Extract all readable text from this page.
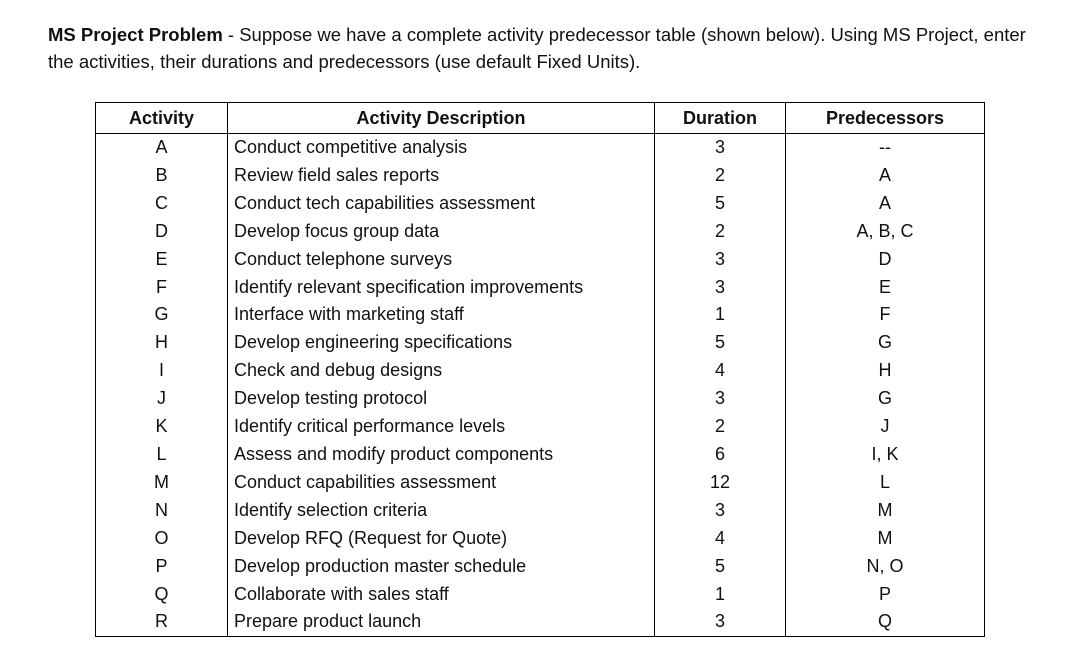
MS Project Problem - Suppose we have a complete activity predecessor table (shown below). Using MS Project, enter the activities, their durations and predecessors (use default Fixed Units).

Activity	Activity Description	Duration	Predecessors
A	Conduct competitive analysis	3	--
B	Review field sales reports	2	A
C	Conduct tech capabilities assessment	5	A
D	Develop focus group data	2	A, B, C
E	Conduct telephone surveys	3	D
F	Identify relevant specification improvements	3	E
G	Interface with marketing staff	1	F
H	Develop engineering specifications	5	G
I	Check and debug designs	4	H
J	Develop testing protocol	3	G
K	Identify critical performance levels	2	J
L	Assess and modify product components	6	I, K
M	Conduct capabilities assessment	12	L
N	Identify selection criteria	3	M
O	Develop RFQ (Request for Quote)	4	M
P	Develop production master schedule	5	N, O
Q	Collaborate with sales staff	1	P
R	Prepare product launch	3	Q
